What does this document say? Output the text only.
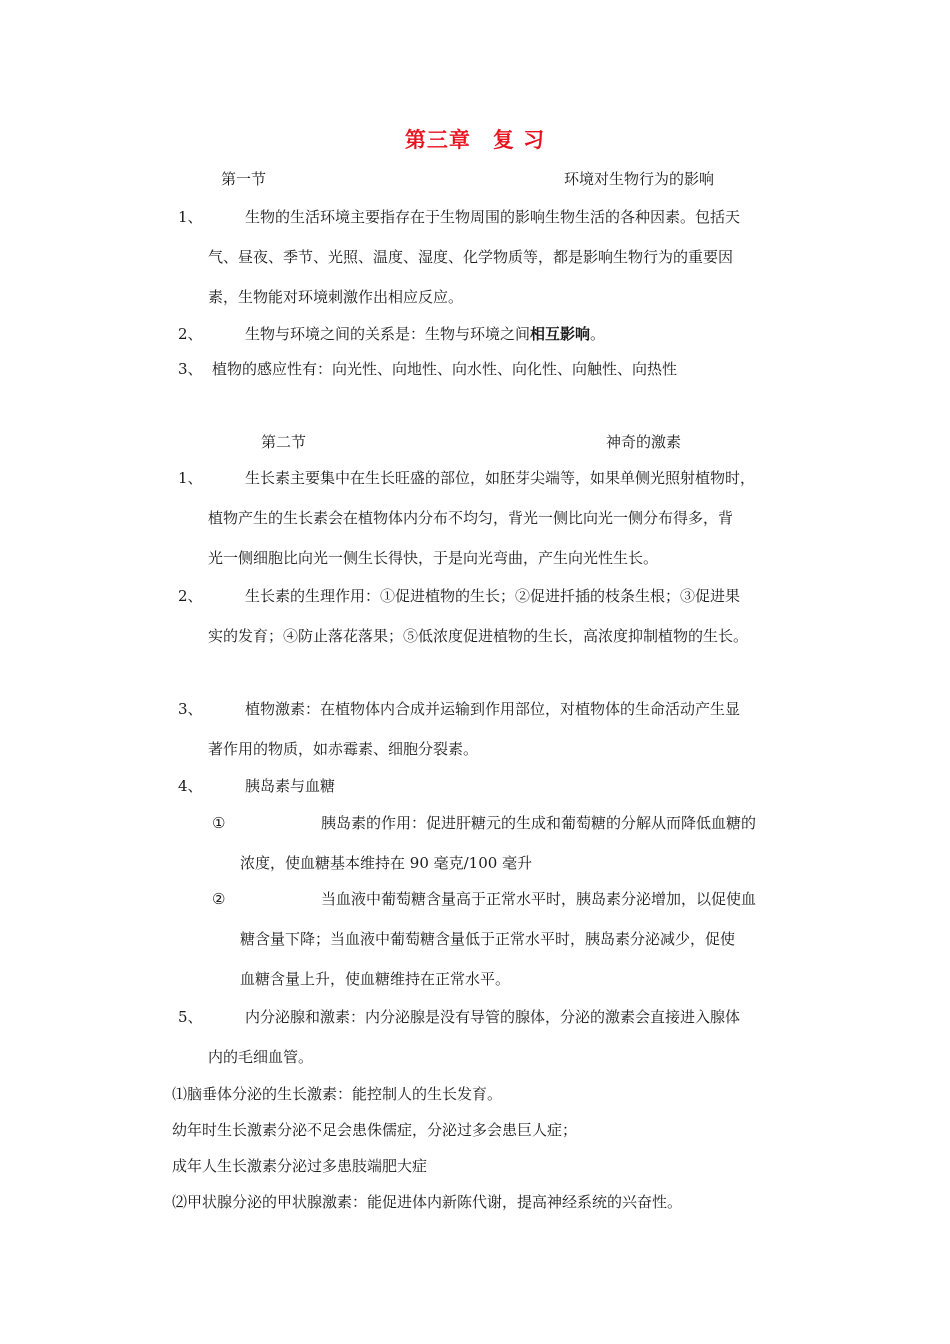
第三章　复 习
第一节	环境对生物行为的影响
1、	生物的生活环境主要指存在于生物周围的影响生物生活的各种因素。包括天
气、昼夜、季节、光照、温度、湿度、化学物质等，都是影响生物行为的重要因
素，生物能对环境刺激作出相应反应。
2、	生物与环境之间的关系是：生物与环境之间相互影响。
3、 植物的感应性有：向光性、向地性、向水性、向化性、向触性、向热性
第二节	神奇的激素
1、	生长素主要集中在生长旺盛的部位，如胚芽尖端等，如果单侧光照射植物时，
植物产生的生长素会在植物体内分布不均匀，背光一侧比向光一侧分布得多，背
光一侧细胞比向光一侧生长得快，于是向光弯曲，产生向光性生长。
2、	生长素的生理作用：①促进植物的生长；②促进扦插的枝条生根；③促进果
实的发育；④防止落花落果；⑤低浓度促进植物的生长，高浓度抑制植物的生长。
3、	植物激素：在植物体内合成并运输到作用部位，对植物体的生命活动产生显
著作用的物质，如赤霉素、细胞分裂素。
4、	胰岛素与血糖
①	胰岛素的作用：促进肝糖元的生成和葡萄糖的分解从而降低血糖的
浓度，使血糖基本维持在 90 毫克/100 毫升
②	当血液中葡萄糖含量高于正常水平时，胰岛素分泌增加，以促使血
糖含量下降；当血液中葡萄糖含量低于正常水平时，胰岛素分泌减少，促使
血糖含量上升，使血糖维持在正常水平。
5、	内分泌腺和激素：内分泌腺是没有导管的腺体，分泌的激素会直接进入腺体
内的毛细血管。
⑴脑垂体分泌的生长激素：能控制人的生长发育。
幼年时生长激素分泌不足会患侏儒症，分泌过多会患巨人症；
成年人生长激素分泌过多患肢端肥大症
⑵甲状腺分泌的甲状腺激素：能促进体内新陈代谢，提高神经系统的兴奋性。
